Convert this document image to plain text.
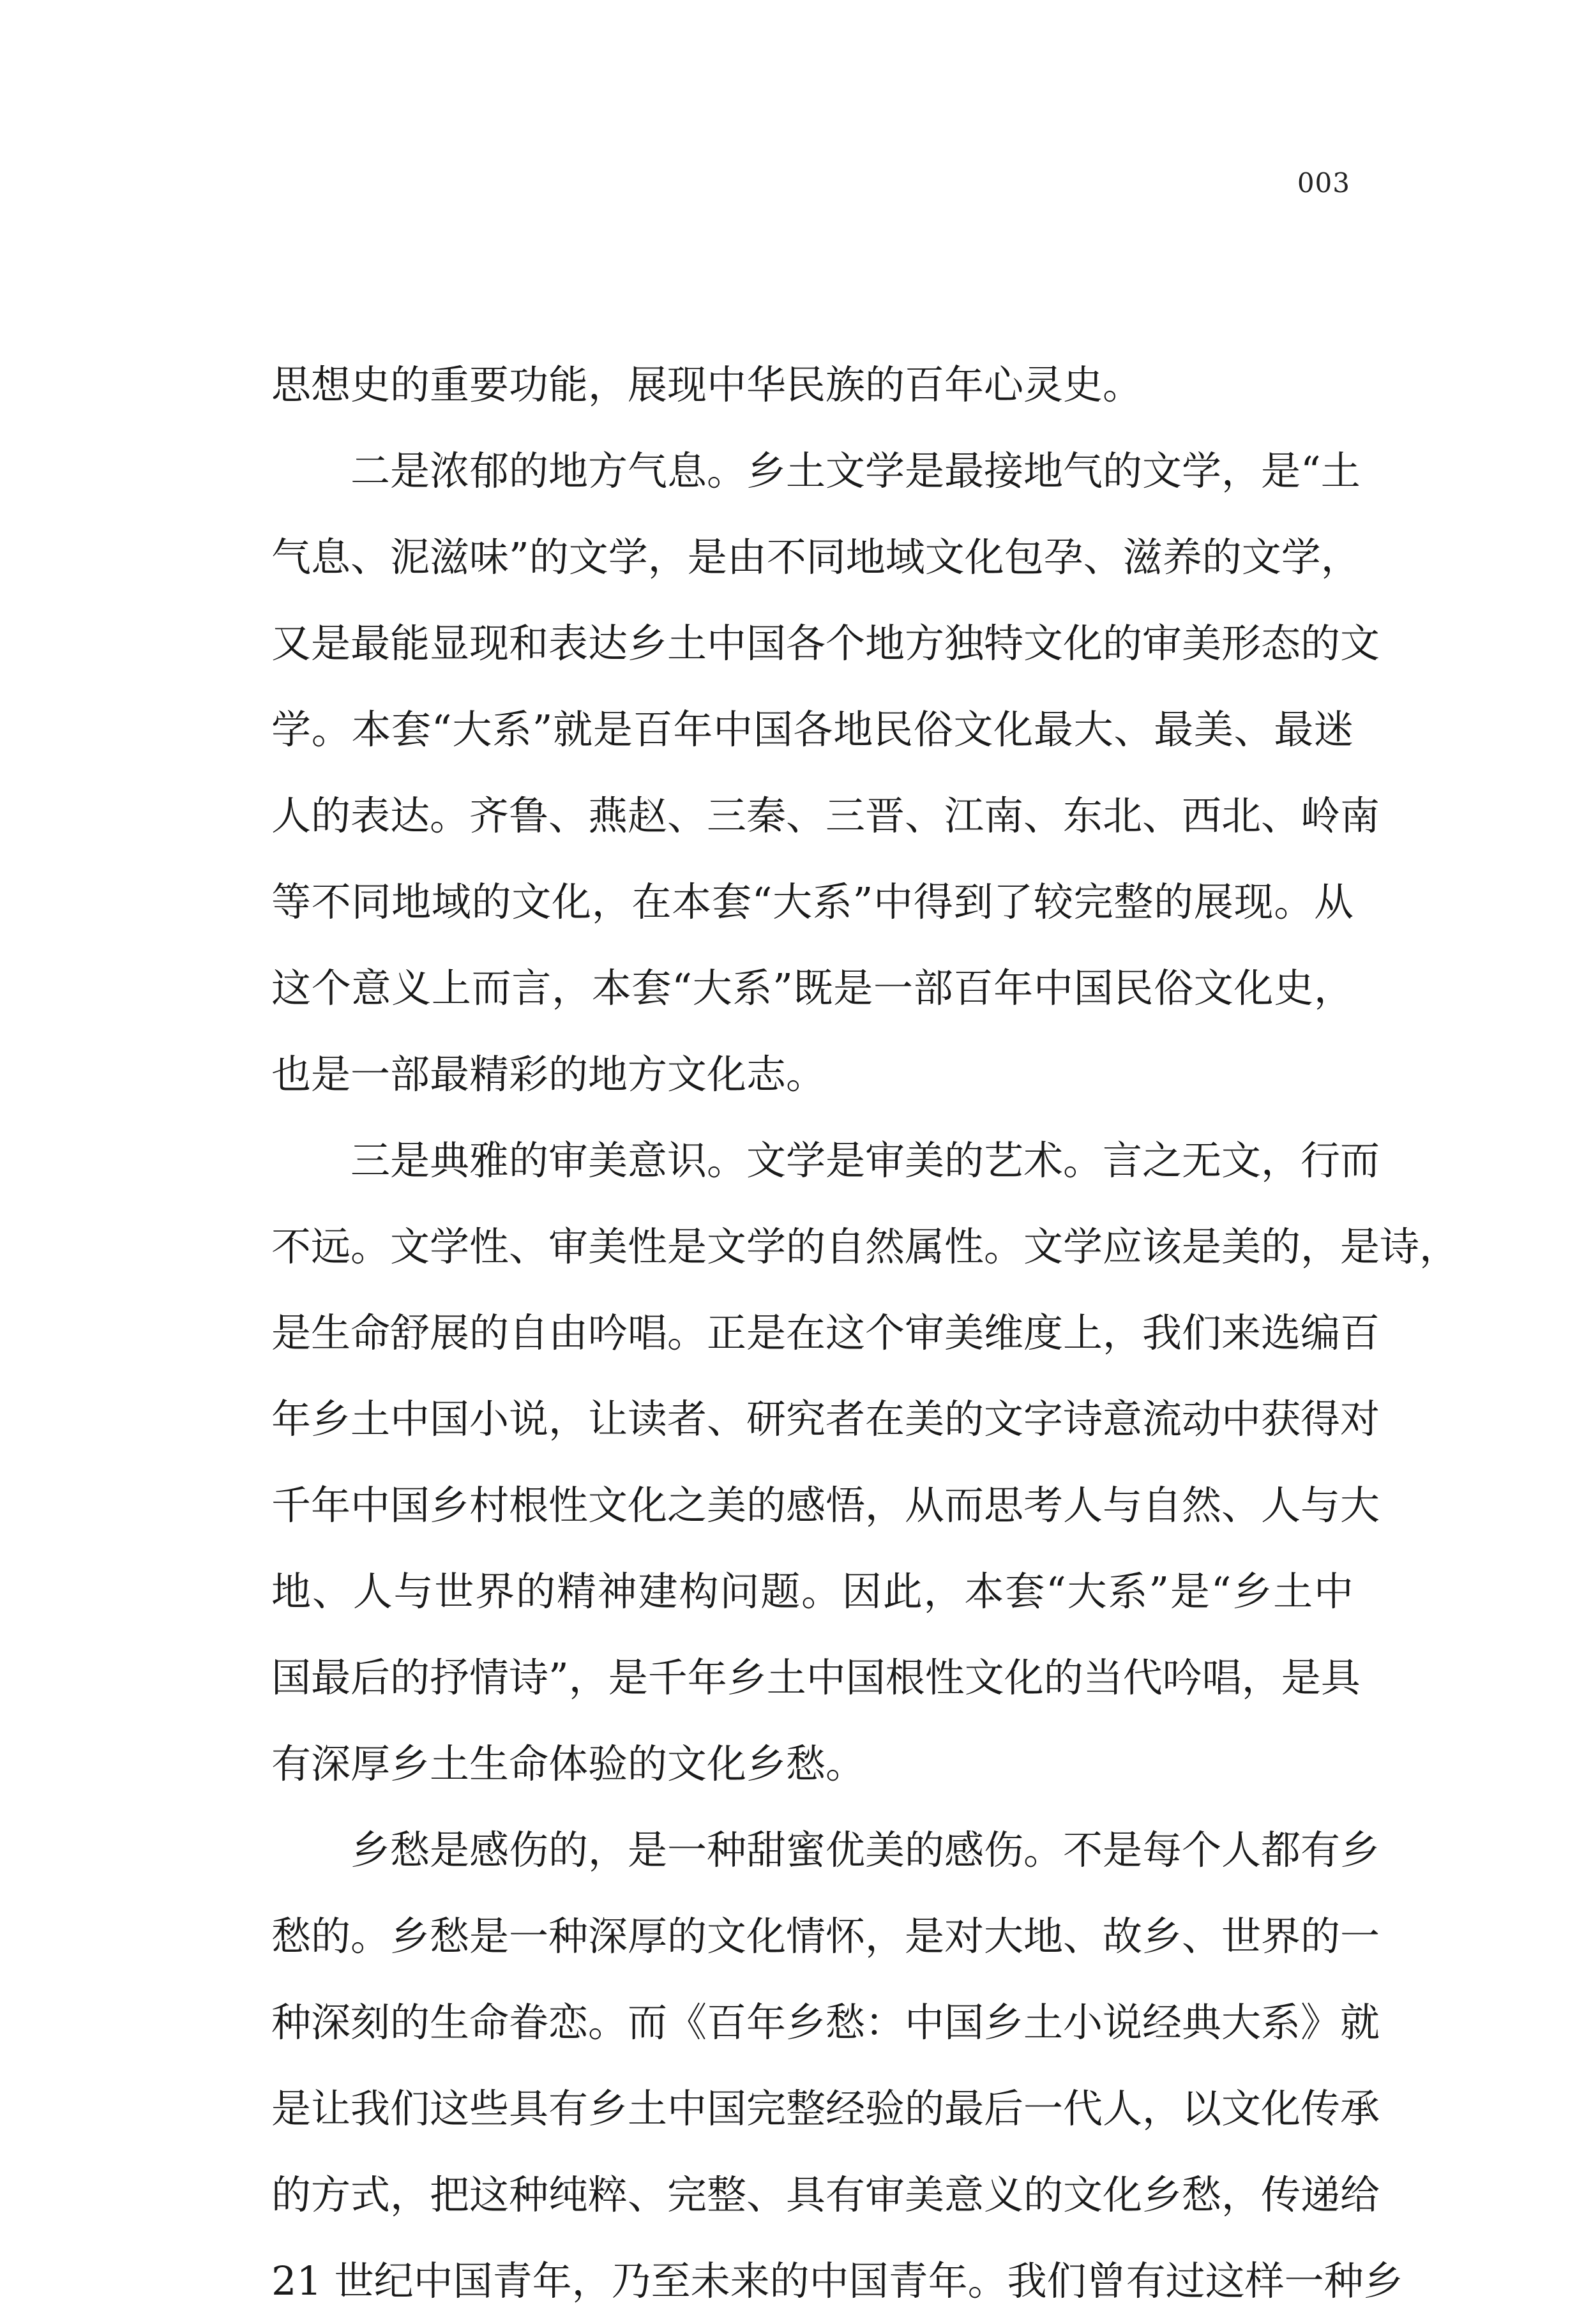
003
思想史的重要功能，展现中华民族的百年心灵史。
　　二是浓郁的地方气息。乡土文学是最接地气的文学，是“土
气息、泥滋味”的文学，是由不同地域文化包孕、滋养的文学，
又是最能显现和表达乡土中国各个地方独特文化的审美形态的文
学。本套“大系”就是百年中国各地民俗文化最大、最美、最迷
人的表达。齐鲁、燕赵、三秦、三晋、江南、东北、西北、岭南
等不同地域的文化，在本套“大系”中得到了较完整的展现。从
这个意义上而言，本套“大系”既是一部百年中国民俗文化史，
也是一部最精彩的地方文化志。
　　三是典雅的审美意识。文学是审美的艺术。言之无文，行而
不远。文学性、审美性是文学的自然属性。文学应该是美的，是诗，
是生命舒展的自由吟唱。正是在这个审美维度上，我们来选编百
年乡土中国小说，让读者、研究者在美的文字诗意流动中获得对
千年中国乡村根性文化之美的感悟，从而思考人与自然、人与大
地、人与世界的精神建构问题。因此，本套“大系”是“乡土中
国最后的抒情诗”，是千年乡土中国根性文化的当代吟唱，是具
有深厚乡土生命体验的文化乡愁。
　　乡愁是感伤的，是一种甜蜜优美的感伤。不是每个人都有乡
愁的。乡愁是一种深厚的文化情怀，是对大地、故乡、世界的一
种深刻的生命眷恋。而《百年乡愁：中国乡土小说经典大系》就
是让我们这些具有乡土中国完整经验的最后一代人，以文化传承
的方式，把这种纯粹、完整、具有审美意义的文化乡愁，传递给
21 世纪中国青年，乃至未来的中国青年。我们曾有过这样一种乡
